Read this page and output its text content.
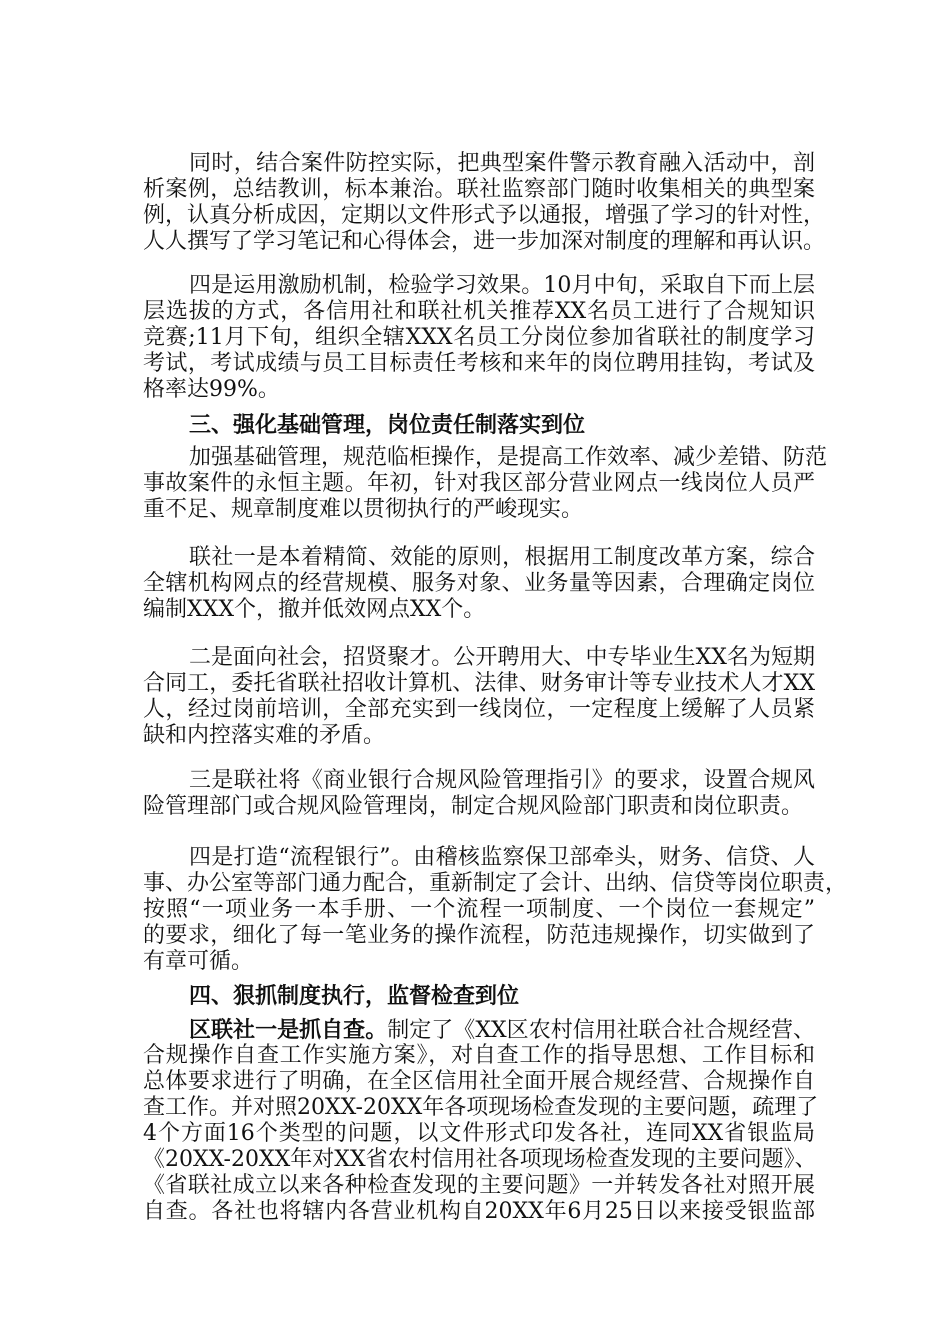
同时，结合案件防控实际，把典型案件警示教育融入活动中，剖
析案例，总结教训，标本兼治。联社监察部门随时收集相关的典型案
例，认真分析成因，定期以文件形式予以通报，增强了学习的针对性，
人人撰写了学习笔记和心得体会，进一步加深对制度的理解和再认识。
四是运用激励机制，检验学习效果。10月中旬，采取自下而上层
层选拔的方式，各信用社和联社机关推荐XX名员工进行了合规知识
竞赛;11月下旬，组织全辖XXX名员工分岗位参加省联社的制度学习
考试，考试成绩与员工目标责任考核和来年的岗位聘用挂钩，考试及
格率达99%。
三、强化基础管理，岗位责任制落实到位
加强基础管理，规范临柜操作，是提高工作效率、减少差错、防范
事故案件的永恒主题。年初，针对我区部分营业网点一线岗位人员严
重不足、规章制度难以贯彻执行的严峻现实。
联社一是本着精简、效能的原则，根据用工制度改革方案，综合
全辖机构网点的经营规模、服务对象、业务量等因素，合理确定岗位
编制XXX个，撤并低效网点XX个。
二是面向社会，招贤聚才。公开聘用大、中专毕业生XX名为短期
合同工，委托省联社招收计算机、法律、财务审计等专业技术人才XX
人，经过岗前培训，全部充实到一线岗位，一定程度上缓解了人员紧
缺和内控落实难的矛盾。
三是联社将《商业银行合规风险管理指引》的要求，设置合规风
险管理部门或合规风险管理岗，制定合规风险部门职责和岗位职责。
四是打造“流程银行”。由稽核监察保卫部牵头，财务、信贷、人
事、办公室等部门通力配合，重新制定了会计、出纳、信贷等岗位职责，
按照“一项业务一本手册、一个流程一项制度、一个岗位一套规定”
的要求，细化了每一笔业务的操作流程，防范违规操作，切实做到了
有章可循。
四、狠抓制度执行，监督检查到位
区联社一是抓自查。制定了《XX区农村信用社联合社合规经营、
合规操作自查工作实施方案》，对自查工作的指导思想、工作目标和
总体要求进行了明确，在全区信用社全面开展合规经营、合规操作自
查工作。并对照20XX-20XX年各项现场检查发现的主要问题，疏理了
4个方面16个类型的问题，以文件形式印发各社，连同XX省银监局
《20XX-20XX年对XX省农村信用社各项现场检查发现的主要问题》、
《省联社成立以来各种检查发现的主要问题》一并转发各社对照开展
自查。各社也将辖内各营业机构自20XX年6月25日以来接受银监部
